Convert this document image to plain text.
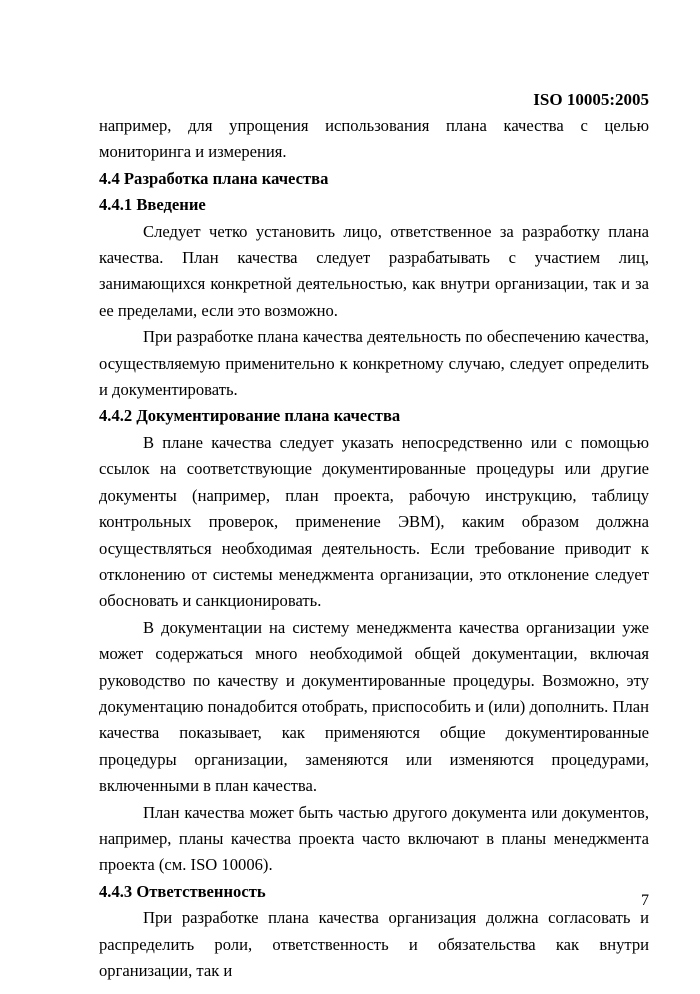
ISO 10005:2005

например, для упрощения использования плана качества с целью мониторинга и измерения.

4.4 Разработка плана качества
4.4.1 Введение

Следует четко установить лицо, ответственное за разработку плана качества. План качества следует разрабатывать с участием лиц, занимающихся конкретной деятельностью, как внутри организации, так и за ее пределами, если это возможно.

При разработке плана качества деятельность по обеспечению качества, осуществляемую применительно к конкретному случаю, следует определить и документировать.

4.4.2 Документирование плана качества

В плане качества следует указать непосредственно или с помощью ссылок на соответствующие документированные процедуры или другие документы (например, план проекта, рабочую инструкцию, таблицу контрольных проверок, применение ЭВМ), каким образом должна осуществляться необходимая деятельность. Если требование приводит к отклонению от системы менеджмента организации, это отклонение следует обосновать и санкционировать.

В документации на систему менеджмента качества организации уже может содержаться много необходимой общей документации, включая руководство по качеству и документированные процедуры. Возможно, эту документацию понадобится отобрать, приспособить и (или) дополнить. План качества показывает, как применяются общие документированные процедуры организации, заменяются или изменяются процедурами, включенными в план качества.

План качества может быть частью другого документа или документов, например, планы качества проекта часто включают в планы менеджмента проекта (см. ISO 10006).

4.4.3 Ответственность

При разработке плана качества организация должна согласовать и распределить роли, ответственность и обязательства как внутри организации, так и

7
